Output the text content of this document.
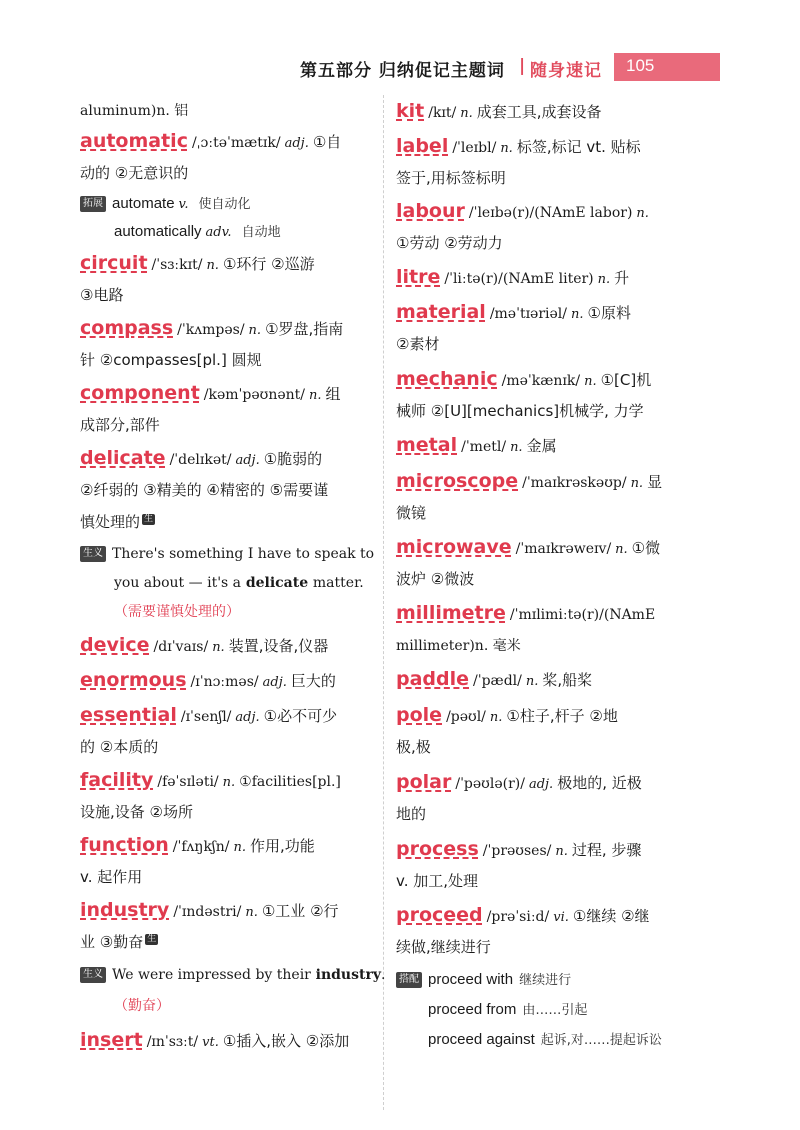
第五部分 归纳促记主题词 | 随身速记 105
aluminum)n. 铝
automatic /ˌɔːtəˈmætɪk/ adj. ①自
动的 ②无意识的
拓展 automate v. 使自动化
automatically adv. 自动地
circuit /ˈsɜːkɪt/ n. ①环行 ②巡游
③电路
compass /ˈkʌmpəs/ n. ①罗盘,指南
针 ②compasses[pl.] 圆规
component /kəmˈpəʊnənt/ n. 组
成部分,部件
delicate /ˈdelɪkət/ adj. ①脆弱的
②纤弱的 ③精美的 ④精密的 ⑤需要谨
慎处理的 生
生义 There's something I have to speak to
you about — it's a delicate matter.
（需要谨慎处理的）
device /dɪˈvaɪs/ n. 装置,设备,仪器
enormous /ɪˈnɔːməs/ adj. 巨大的
essential /ɪˈsenʃl/ adj. ①必不可少
的 ②本质的
facility /fəˈsɪləti/ n. ①facilities[pl.]
设施,设备 ②场所
function /ˈfʌŋkʃn/ n. 作用,功能
v. 起作用
industry /ˈɪndəstri/ n. ①工业 ②行
业 ③勤奋 生
生义 We were impressed by their industry.
（勤奋）
insert /ɪnˈsɜːt/ vt. ①插入,嵌入 ②添加
kit /kɪt/ n. 成套工具,成套设备
label /ˈleɪbl/ n. 标签,标记 vt. 贴标
签于,用标签标明
labour /ˈleɪbə(r)/(NAmE labor) n.
①劳动 ②劳动力
litre /ˈliːtə(r)/(NAmE liter) n. 升
material /məˈtɪəriəl/ n. ①原料
②素材
mechanic /məˈkænɪk/ n. ①[C]机
械师 ②[U][mechanics]机械学, 力学
metal /ˈmetl/ n. 金属
microscope /ˈmaɪkrəskəʊp/ n. 显
微镜
microwave /ˈmaɪkrəweɪv/ n. ①微
波炉 ②微波
millimetre /ˈmɪlimiːtə(r)/(NAmE
millimeter)n. 毫米
paddle /ˈpædl/ n. 桨,船桨
pole /pəʊl/ n. ①柱子,杆子 ②地
极,极
polar /ˈpəʊlə(r)/ adj. 极地的, 近极
地的
process /ˈprəʊses/ n. 过程, 步骤
v. 加工,处理
proceed /prəˈsiːd/ vi. ①继续 ②继
续做,继续进行
搭配 proceed with 继续进行
proceed from 由……引起
proceed against 起诉,对……提起诉讼
